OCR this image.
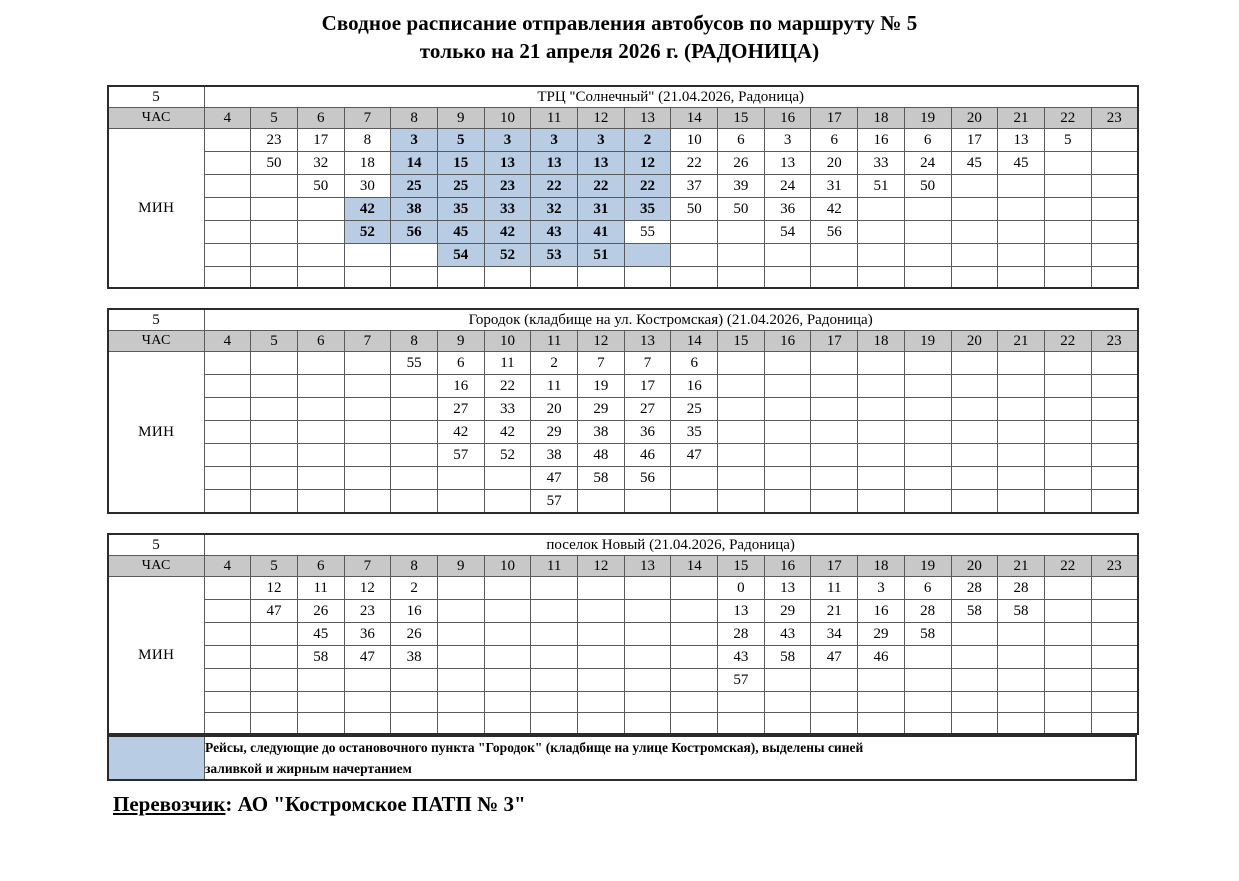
Сводное расписание отправления автобусов по маршруту № 5
только на 21 апреля 2026 г. (РАДОНИЦА)
5	ТРЦ "Солнечный" (21.04.2026, Радоница)																			
ЧАС	4	5	6	7	8	9	10	11	12	13	14	15	16	17	18	19	20	21	22	23
МИН		23	17	8	3	5	3	3	3	2	10	6	3	6	16	6	17	13	5	
		50	32	18	14	15	13	13	13	12	22	26	13	20	33	24	45	45		
			50	30	25	25	23	22	22	22	37	39	24	31	51	50				
				42	38	35	33	32	31	35	50	50	36	42						
				52	56	45	42	43	41	55			54	56						
						54	52	53	51											

5	Городок (кладбище на ул. Костромская) (21.04.2026, Радоница)																			
ЧАС	4	5	6	7	8	9	10	11	12	13	14	15	16	17	18	19	20	21	22	23
МИН					55	6	11	2	7	7	6									
						16	22	11	19	17	16									
						27	33	20	29	27	25									
						42	42	29	38	36	35									
						57	52	38	48	46	47									
								47	58	56										
								57												
5	поселок Новый (21.04.2026, Радоница)																			
ЧАС	4	5	6	7	8	9	10	11	12	13	14	15	16	17	18	19	20	21	22	23
МИН		12	11	12	2							0	13	11	3	6	28	28		
		47	26	23	16							13	29	21	16	28	58	58		
			45	36	26							28	43	34	29	58				
			58	47	38							43	58	47	46					
												57								

Рейсы, следующие до остановочного пункта "Городок" (кладбище на улице Костромская), выделены синей
заливкой и жирным начертанием
Перевозчик: АО "Костромское ПАТП № 3"
